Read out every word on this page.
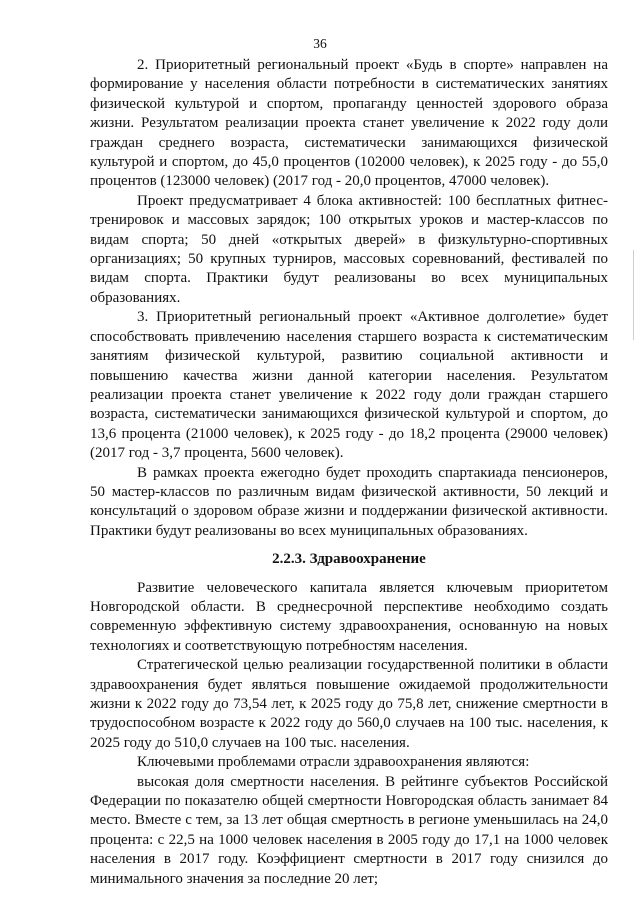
36

2. Приоритетный региональный проект «Будь в спорте» направлен на формирование у населения области потребности в систематических занятиях физической культурой и спортом, пропаганду ценностей здорового образа жизни. Результатом реализации проекта станет увеличение к 2022 году доли граждан среднего возраста, систематически занимающихся физической культурой и спортом, до 45,0 процентов (102000 человек), к 2025 году - до 55,0 процентов (123000 человек) (2017 год - 20,0 процентов, 47000 человек).

Проект предусматривает 4 блока активностей: 100 бесплатных фитнес-тренировок и массовых зарядок; 100 открытых уроков и мастер-классов по видам спорта; 50 дней «открытых дверей» в физкультурно-спортивных организациях; 50 крупных турниров, массовых соревнований, фестивалей по видам спорта. Практики будут реализованы во всех муниципальных образованиях.

3. Приоритетный региональный проект «Активное долголетие» будет способствовать привлечению населения старшего возраста к систематическим занятиям физической культурой, развитию социальной активности и повышению качества жизни данной категории населения. Результатом реализации проекта станет увеличение к 2022 году доли граждан старшего возраста, систематически занимающихся физической культурой и спортом, до 13,6 процента (21000 человек), к 2025 году - до 18,2 процента (29000 человек) (2017 год - 3,7 процента, 5600 человек).

В рамках проекта ежегодно будет проходить спартакиада пенсионеров, 50 мастер-классов по различным видам физической активности, 50 лекций и консультаций о здоровом образе жизни и поддержании физической активности. Практики будут реализованы во всех муниципальных образованиях.

2.2.3. Здравоохранение

Развитие человеческого капитала является ключевым приоритетом Новгородской области. В среднесрочной перспективе необходимо создать современную эффективную систему здравоохранения, основанную на новых технологиях и соответствующую потребностям населения.

Стратегической целью реализации государственной политики в области здравоохранения будет являться повышение ожидаемой продолжительности жизни к 2022 году до 73,54 лет, к 2025 году до 75,8 лет, снижение смертности в трудоспособном возрасте к 2022 году до 560,0 случаев на 100 тыс. населения, к 2025 году до 510,0 случаев на 100 тыс. населения.

Ключевыми проблемами отрасли здравоохранения являются:

высокая доля смертности населения. В рейтинге субъектов Российской Федерации по показателю общей смертности Новгородская область занимает 84 место. Вместе с тем, за 13 лет общая смертность в регионе уменьшилась на 24,0 процента: с 22,5 на 1000 человек населения в 2005 году до 17,1 на 1000 человек населения в 2017 году. Коэффициент смертности в 2017 году снизился до минимального значения за последние 20 лет;
